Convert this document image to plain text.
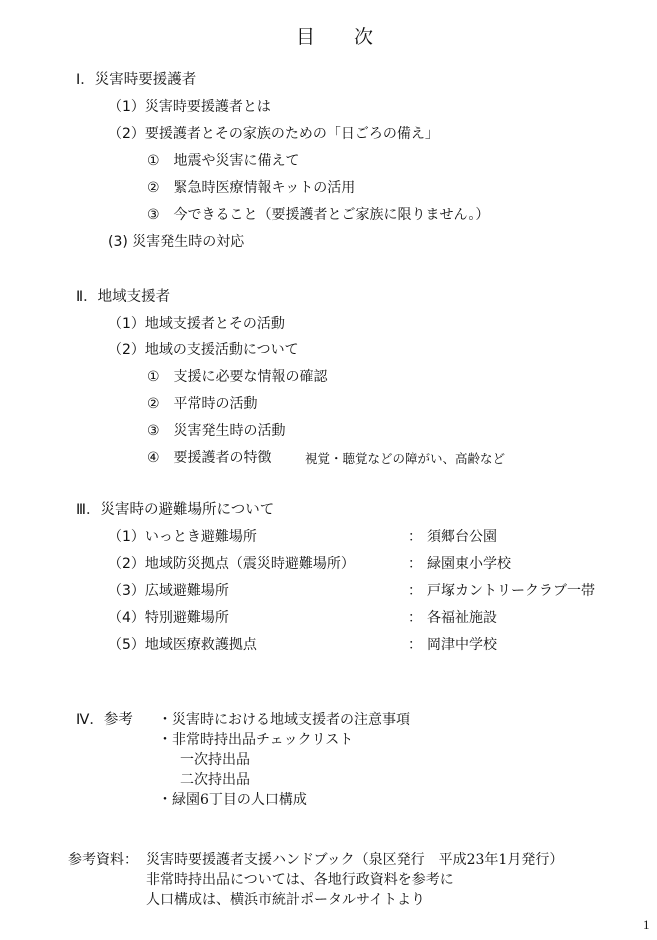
目　次
Ⅰ．災害時要援護者
（1）災害時要援護者とは
（2）要援護者とその家族のための「日ごろの備え」
①　地震や災害に備えて
②　緊急時医療情報キットの活用
③　今できること（要援護者とご家族に限りません。）
(3) 災害発生時の対応
Ⅱ．地域支援者
（1）地域支援者とその活動
（2）地域の支援活動について
①　支援に必要な情報の確認
②　平常時の活動
③　災害発生時の活動
④　要援護者の特徴	視覚・聴覚などの障がい、高齢など
Ⅲ．災害時の避難場所について
（1）いっとき避難場所	： 須郷台公園
（2）地域防災拠点（震災時避難場所）	： 緑園東小学校
（3）広域避難場所	： 戸塚カントリークラブ一帯
（4）特別避難場所	： 各福祉施設
（5）地域医療救護拠点	： 岡津中学校
Ⅳ．参考 ・災害時における地域支援者の注意事項
・非常時持出品チェックリスト
一次持出品
二次持出品
・緑園6丁目の人口構成
参考資料： 災害時要援護者支援ハンドブック（泉区発行　平成23年1月発行）
非常時持出品については、各地行政資料を参考に
人口構成は、横浜市統計ポータルサイトより
1
